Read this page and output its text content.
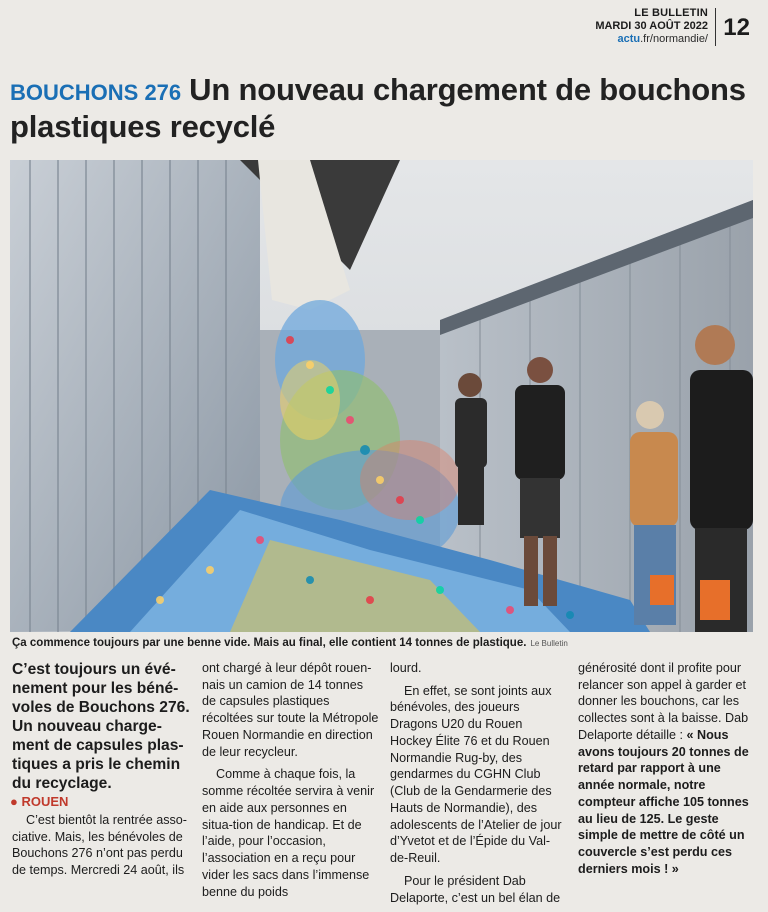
LE BULLETIN
MARDI 30 AOÛT 2022
actu.fr/normandie/ 12
BOUCHONS 276 Un nouveau chargement de bouchons plastiques recyclé
Ça commence toujours par une benne vide. Mais au final, elle contient 14 tonnes de plastique. Le Bulletin
C’est toujours un évé-nement pour les béné-voles de Bouchons 276. Un nouveau charge-ment de capsules plas-tiques a pris le chemin du recyclage.
● ROUEN

C’est bientôt la rentrée asso-ciative. Mais, les bénévoles de Bouchons 276 n’ont pas perdu de temps. Mercredi 24 août, ils

ont chargé à leur dépôt rouen-nais un camion de 14 tonnes de capsules plastiques récoltées sur toute la Métropole Rouen Normandie en direction de leur recycleur.

Comme à chaque fois, la somme récoltée servira à venir en aide aux personnes en situa-tion de handicap. Et de l’aide, pour l’occasion, l’association en a reçu pour vider les sacs dans l’immense benne du poids

lourd.

En effet, se sont joints aux bénévoles, des joueurs Dragons U20 du Rouen Hockey Élite 76 et du Rouen Normandie Rug-by, des gendarmes du CGHN Club (Club de la Gendarmerie des Hauts de Normandie), des adolescents de l’Atelier de jour d’Yvetot et de l’Épide du Val-de-Reuil.

Pour le président Dab Delaporte, c’est un bel élan de

générosité dont il profite pour relancer son appel à garder et donner les bouchons, car les collectes sont à la baisse. Dab Delaporte détaille : « Nous avons toujours 20 tonnes de retard par rapport à une année normale, notre compteur affiche 105 tonnes au lieu de 125. Le geste simple de mettre de côté un couvercle s’est perdu ces derniers mois ! »
